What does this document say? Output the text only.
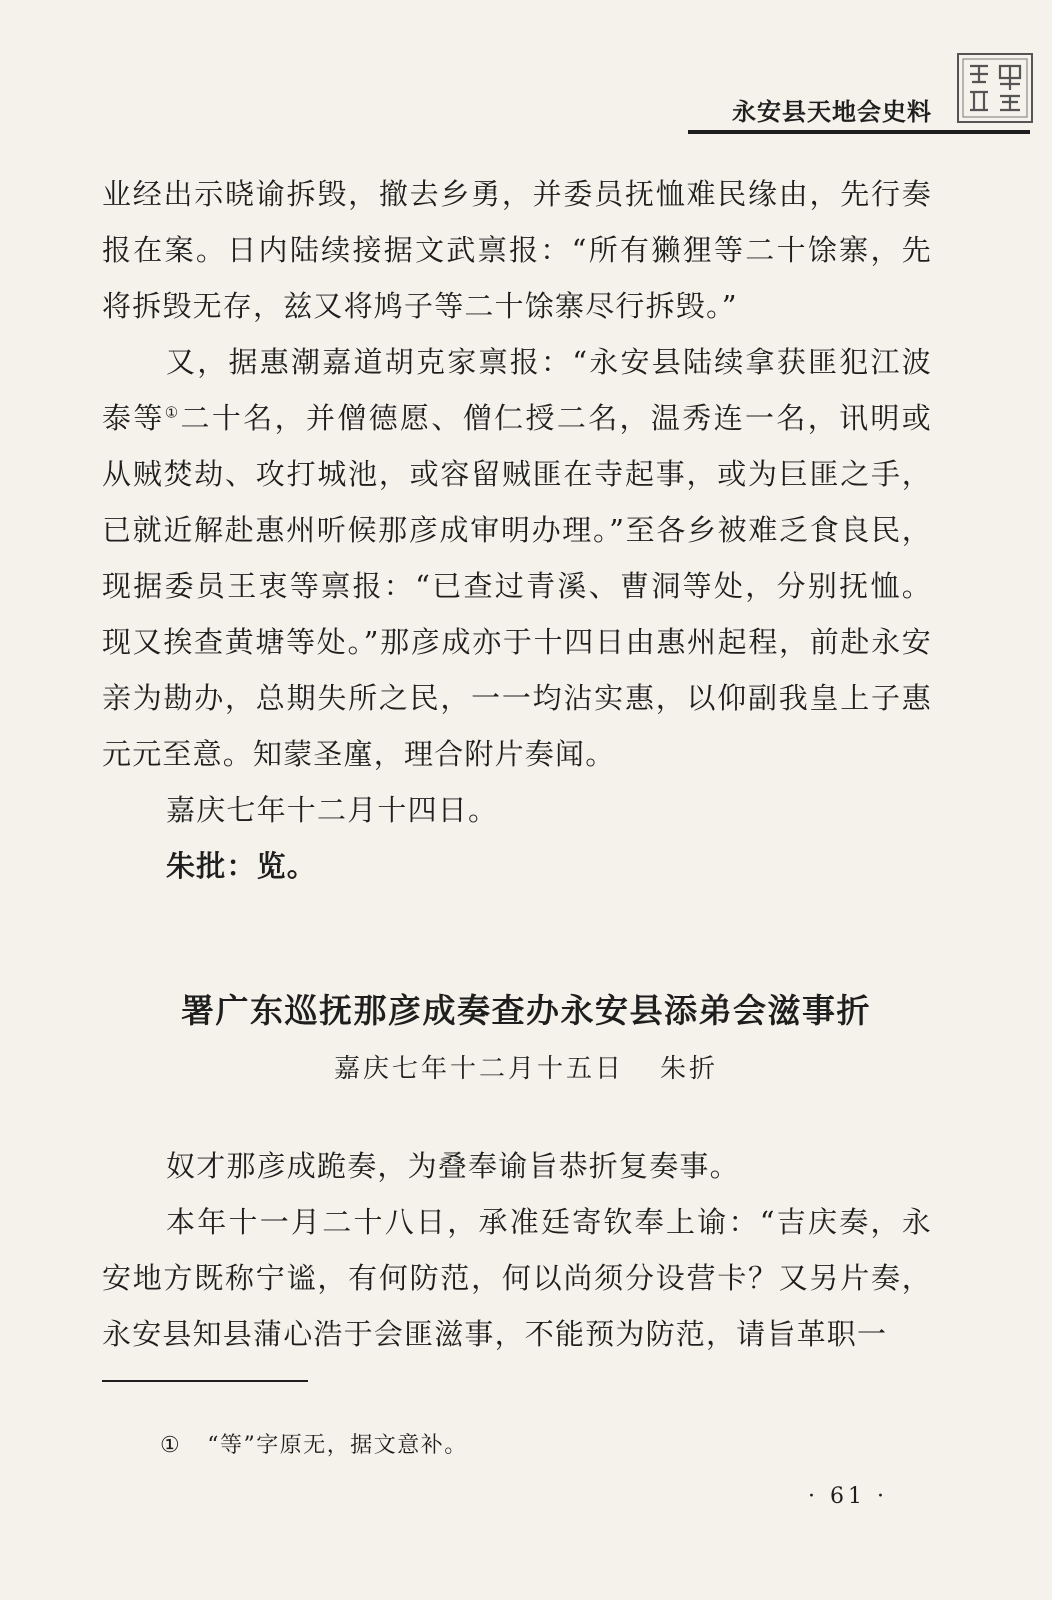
永安县天地会史料

业经出示晓谕拆毁，撤去乡勇，并委员抚恤难民缘由，先行奏报在案。日内陆续接据文武禀报：“所有獭狸等二十馀寨，先将拆毁无存，兹又将鸠子等二十馀寨尽行拆毁。”

又，据惠潮嘉道胡克家禀报：“永安县陆续拿获匪犯江波泰等①二十名，并僧德愿、僧仁授二名，温秀连一名，讯明或从贼焚劫、攻打城池，或容留贼匪在寺起事，或为巨匪之手，已就近解赴惠州听候那彦成审明办理。”至各乡被难乏食良民，现据委员王衷等禀报：“已查过青溪、曹洞等处，分别抚恤。现又挨查黄塘等处。”那彦成亦于十四日由惠州起程，前赴永安亲为勘办，总期失所之民，一一均沾实惠，以仰副我皇上子惠元元至意。知蒙圣廑，理合附片奏闻。

嘉庆七年十二月十四日。

朱批：览。

署广东巡抚那彦成奏查办永安县添弟会滋事折
嘉庆七年十二月十五日 朱折

奴才那彦成跪奏，为叠奉谕旨恭折复奏事。

本年十一月二十八日，承准廷寄钦奉上谕：“吉庆奏，永安地方既称宁谧，有何防范，何以尚须分设营卡？又另片奏，永安县知县蒲心浩于会匪滋事，不能预为防范，请旨革职一

① “等”字原无，据文意补。
· 61 ·
